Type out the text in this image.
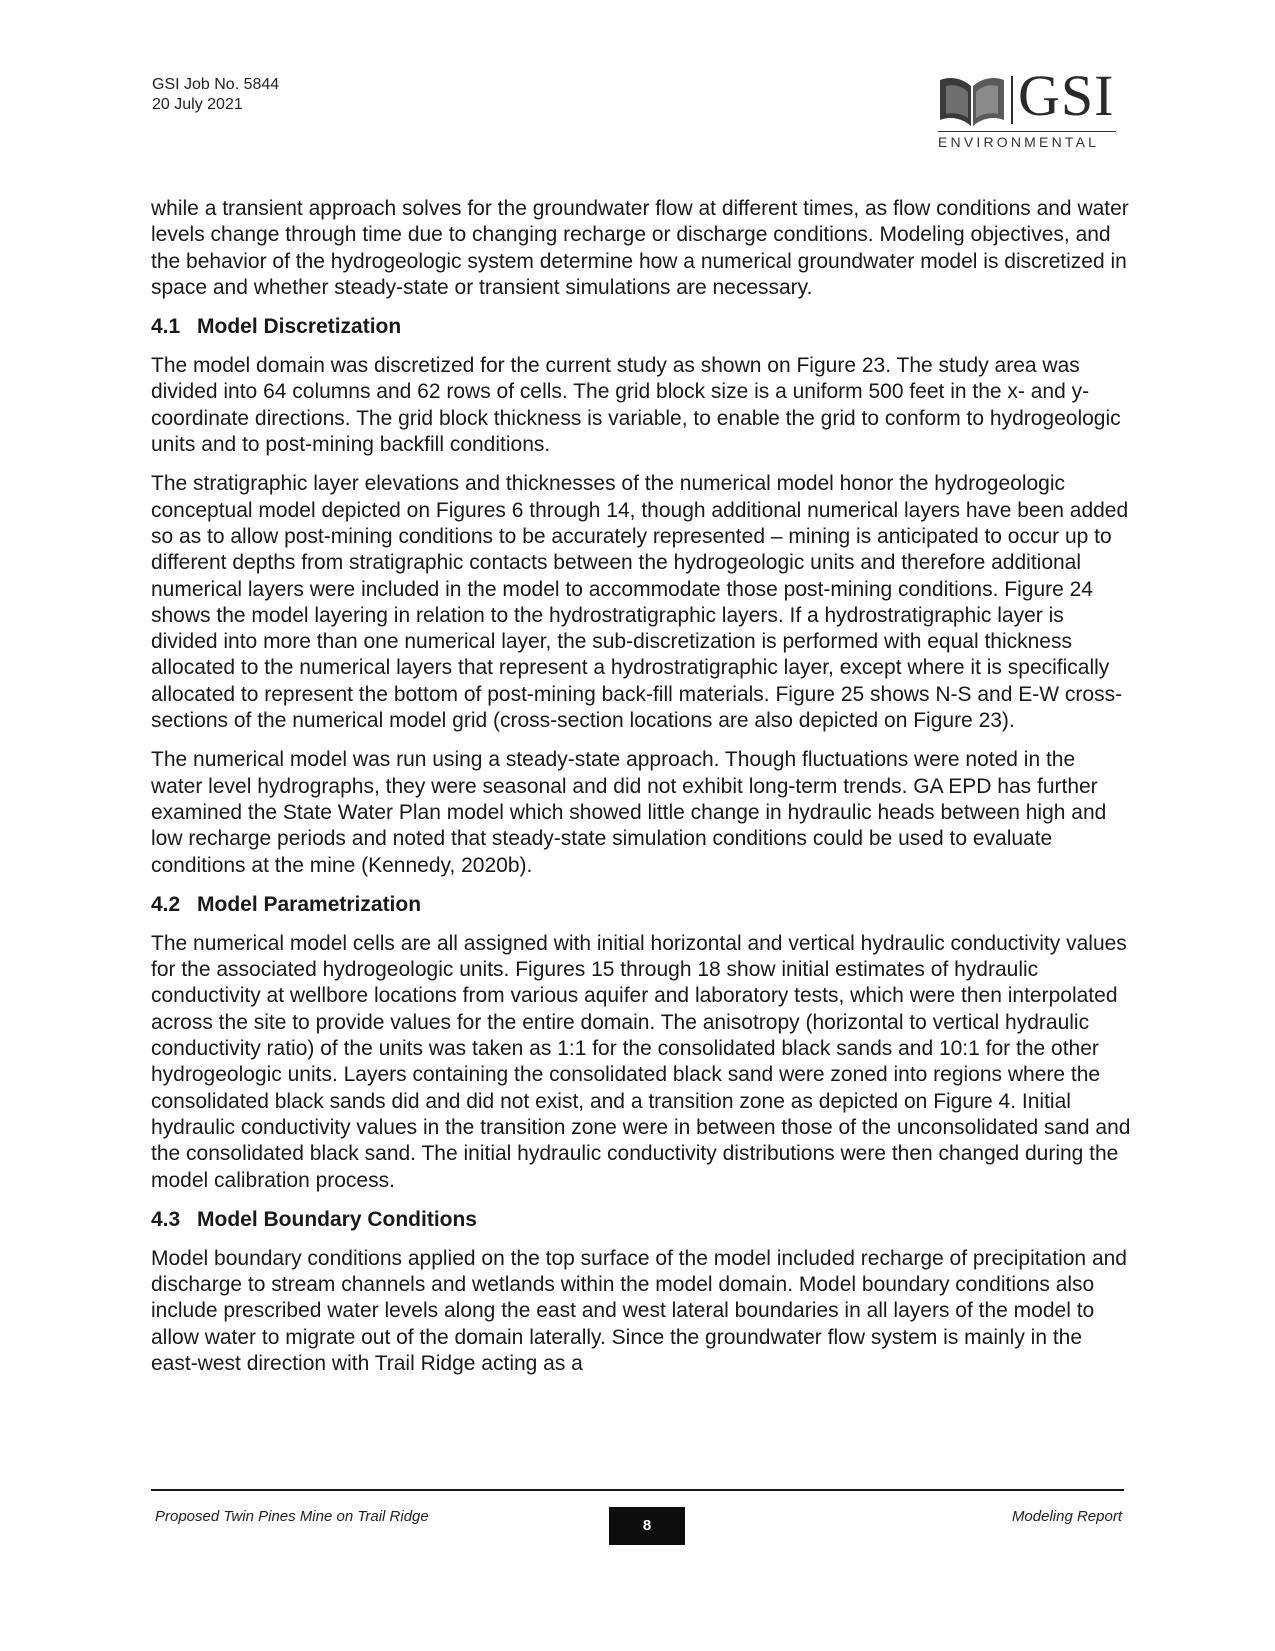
GSI Job No. 5844
20 July 2021	GSI
ENVIRONMENTAL

while a transient approach solves for the groundwater flow at different times, as flow conditions and water levels change through time due to changing recharge or discharge conditions. Modeling objectives, and the behavior of the hydrogeologic system determine how a numerical groundwater model is discretized in space and whether steady-state or transient simulations are necessary.

4.1 Model Discretization

The model domain was discretized for the current study as shown on Figure 23. The study area was divided into 64 columns and 62 rows of cells. The grid block size is a uniform 500 feet in the x- and y- coordinate directions. The grid block thickness is variable, to enable the grid to conform to hydrogeologic units and to post-mining backfill conditions.

The stratigraphic layer elevations and thicknesses of the numerical model honor the hydrogeologic conceptual model depicted on Figures 6 through 14, though additional numerical layers have been added so as to allow post-mining conditions to be accurately represented – mining is anticipated to occur up to different depths from stratigraphic contacts between the hydrogeologic units and therefore additional numerical layers were included in the model to accommodate those post-mining conditions. Figure 24 shows the model layering in relation to the hydrostratigraphic layers. If a hydrostratigraphic layer is divided into more than one numerical layer, the sub-discretization is performed with equal thickness allocated to the numerical layers that represent a hydrostratigraphic layer, except where it is specifically allocated to represent the bottom of post-mining back-fill materials. Figure 25 shows N-S and E-W cross-sections of the numerical model grid (cross-section locations are also depicted on Figure 23).

The numerical model was run using a steady-state approach. Though fluctuations were noted in the water level hydrographs, they were seasonal and did not exhibit long-term trends. GA EPD has further examined the State Water Plan model which showed little change in hydraulic heads between high and low recharge periods and noted that steady-state simulation conditions could be used to evaluate conditions at the mine (Kennedy, 2020b).

4.2 Model Parametrization

The numerical model cells are all assigned with initial horizontal and vertical hydraulic conductivity values for the associated hydrogeologic units. Figures 15 through 18 show initial estimates of hydraulic conductivity at wellbore locations from various aquifer and laboratory tests, which were then interpolated across the site to provide values for the entire domain. The anisotropy (horizontal to vertical hydraulic conductivity ratio) of the units was taken as 1:1 for the consolidated black sands and 10:1 for the other hydrogeologic units. Layers containing the consolidated black sand were zoned into regions where the consolidated black sands did and did not exist, and a transition zone as depicted on Figure 4. Initial hydraulic conductivity values in the transition zone were in between those of the unconsolidated sand and the consolidated black sand. The initial hydraulic conductivity distributions were then changed during the model calibration process.

4.3 Model Boundary Conditions

Model boundary conditions applied on the top surface of the model included recharge of precipitation and discharge to stream channels and wetlands within the model domain. Model boundary conditions also include prescribed water levels along the east and west lateral boundaries in all layers of the model to allow water to migrate out of the domain laterally. Since the groundwater flow system is mainly in the east-west direction with Trail Ridge acting as a

Proposed Twin Pines Mine on Trail Ridge
8
Modeling Report
